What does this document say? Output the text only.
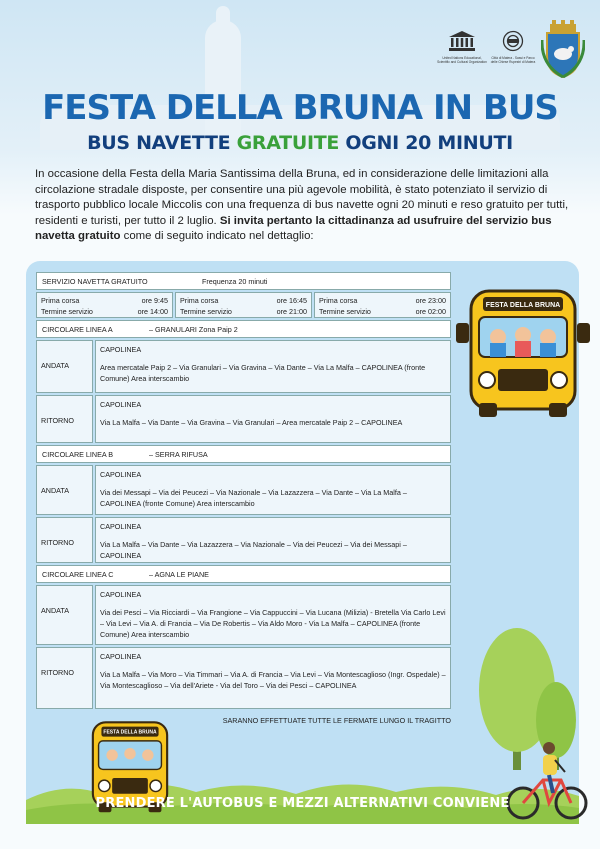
United Nations Educational, Scientific and Cultural Organization
Città di Matera - Sassi e Parco delle Chiese Rupestri di Matera
FESTA DELLA BRUNA IN BUS
BUS NAVETTE GRATUITE OGNI 20 MINUTI
In occasione della Festa della Maria Santissima della Bruna, ed in considerazione delle limitazioni alla circolazione stradale disposte, per consentire una più agevole mobilità, è stato potenziato il servizio di trasporto pubblico locale Miccolis con una frequenza di bus navette ogni 20 minuti e reso gratuito per tutti, residenti e turisti, per tutto il 2 luglio. Si invita pertanto la cittadinanza ad usufruire del servizio bus navetta gratuito come di seguito indicato nel dettaglio:
SERVIZIO NAVETTA GRATUITO	Frequenza 20 minuti
Prima corsa	ore 9:45
Termine servizio	ore 14:00
Prima corsa	ore 16:45
Termine servizio	ore 21:00
Prima corsa	ore 23:00
Termine servizio	ore 02:00
CIRCOLARE LINEA A	– GRANULARI Zona Paip 2
ANDATA
CAPOLINEA
Area mercatale Paip 2 – Via Granulari – Via Gravina – Via Dante – Via La Malfa – CAPOLINEA (fronte Comune) Area interscambio
RITORNO
CAPOLINEA
Via La Malfa – Via Dante – Via Gravina – Via Granulari – Area mercatale Paip 2 – CAPOLINEA
CIRCOLARE LINEA B	– SERRA RIFUSA
ANDATA
CAPOLINEA
Via dei Messapi – Via dei Peucezi – Via Nazionale – Via Lazazzera – Via Dante – Via La Malfa – CAPOLINEA (fronte Comune) Area interscambio
RITORNO
CAPOLINEA
Via La Malfa – Via Dante – Via Lazazzera – Via Nazionale – Via dei Peucezi – Via dei Messapi – CAPOLINEA
CIRCOLARE LINEA C	– AGNA LE PIANE
ANDATA
CAPOLINEA
Via dei Pesci – Via Ricciardi – Via Frangione – Via Cappuccini – Via Lucana (Milizia) - Bretella Via Carlo Levi – Via Levi – Via A. di Francia – Via De Robertis – Via Aldo Moro - Via La Malfa – CAPOLINEA (fronte Comune) Area interscambio
RITORNO
CAPOLINEA
Via La Malfa – Via Moro – Via Timmari – Via A. di Francia – Via Levi – Via Montescaglioso (Ingr. Ospedale) – Via Montescaglioso – Via dell'Ariete - Via del Toro – Via dei Pesci – CAPOLINEA
SARANNO EFFETTUATE TUTTE LE FERMATE LUNGO IL TRAGITTO
FESTA DELLA BRUNA
FESTA DELLA BRUNA
PRENDERE L'AUTOBUS E MEZZI ALTERNATIVI CONVIENE
